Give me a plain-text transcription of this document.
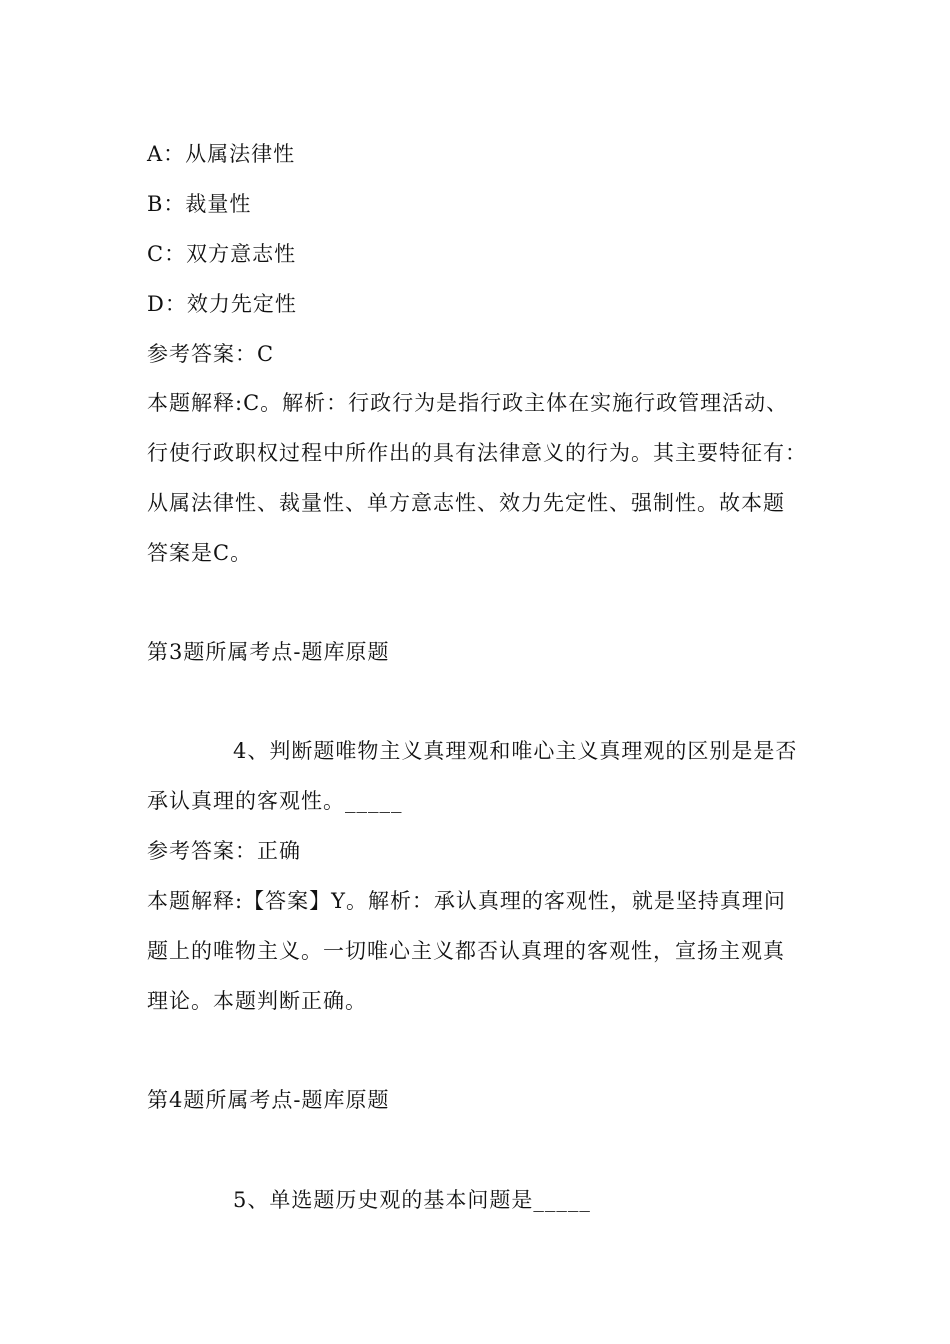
A：从属法律性
B：裁量性
C：双方意志性
D：效力先定性
参考答案：C
本题解释:C。解析：行政行为是指行政主体在实施行政管理活动、
行使行政职权过程中所作出的具有法律意义的行为。其主要特征有：
从属法律性、裁量性、单方意志性、效力先定性、强制性。故本题
答案是C。
第3题所属考点-题库原题
4、判断题唯物主义真理观和唯心主义真理观的区别是是否
承认真理的客观性。_____
参考答案：正确
本题解释:【答案】Y。解析：承认真理的客观性，就是坚持真理问
题上的唯物主义。一切唯心主义都否认真理的客观性，宣扬主观真
理论。本题判断正确。
第4题所属考点-题库原题
5、单选题历史观的基本问题是_____
